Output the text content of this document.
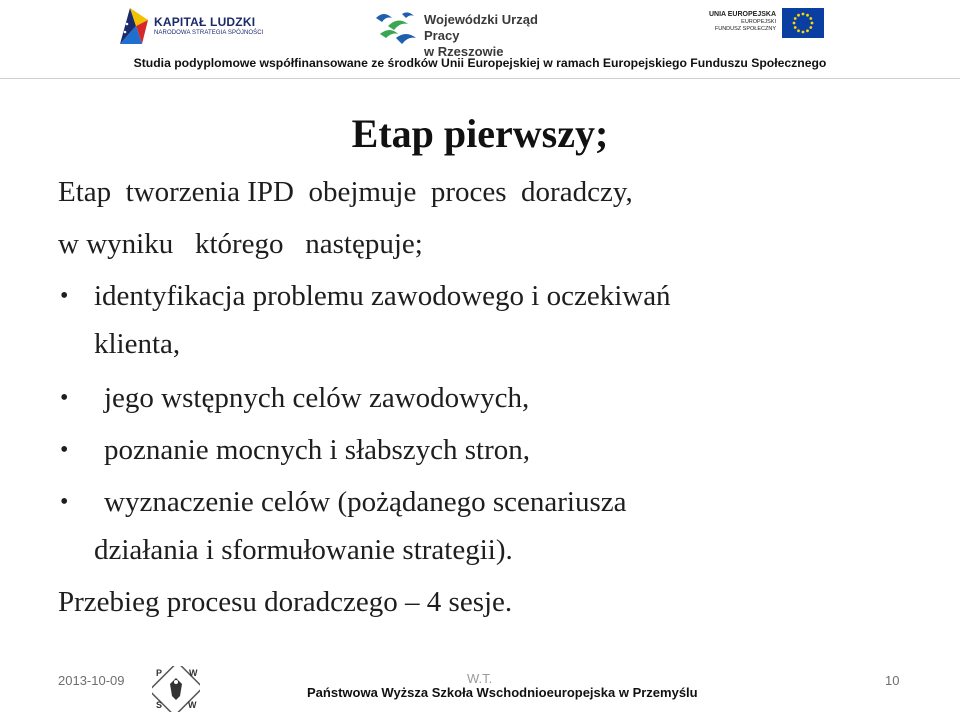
KAPITAŁ LUDZKI
NARODOWA STRATEGIA SPÓJNOŚCI
Wojewódzki Urząd Pracy
w Rzeszowie
UNIA EUROPEJSKA
EUROPEJSKI
FUNDUSZ SPOŁECZNY
Studia podyplomowe współfinansowane ze środków Unii Europejskiej w ramach Europejskiego Funduszu Społecznego
Etap pierwszy;
Etap  tworzenia IPD  obejmuje  proces  doradczy,
w wyniku   którego   następuje;
• identyfikacja problemu zawodowego i oczekiwań
klienta,
• jego wstępnych celów zawodowych,
• poznanie mocnych i słabszych stron,
• wyznaczenie celów (pożądanego scenariusza
działania i sformułowanie strategii).
Przebieg procesu doradczego – 4 sesje.
2013-10-09	P	W
S	W
W.T.
Państwowa Wyższa Szkoła Wschodnioeuropejska w Przemyślu
10
